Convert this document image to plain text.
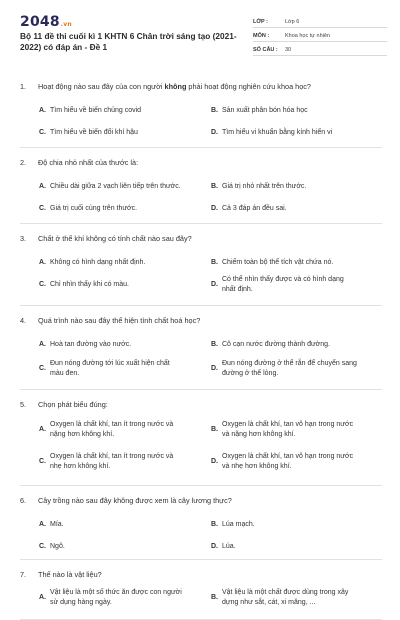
2048.vn
Bộ 11 đề thi cuối kì 1 KHTN 6 Chân trời sáng tạo (2021-2022) có đáp án - Đề 1
LỚP :	Lớp 6
MÔN :	Khoa học tự nhiên
SỐ CÂU :	30
1. Hoạt động nào sau đây của con người không phải hoạt động nghiên cứu khoa học?
A. Tìm hiểu về biến chủng covid	B. Sản xuất phân bón hóa học
C. Tìm hiểu về biến đổi khí hậu	D. Tìm hiểu vi khuẩn bằng kính hiển vi
2. Độ chia nhỏ nhất của thước là:
A. Chiều dài giữa 2 vạch liên tiếp trên thước.	B. Giá trị nhỏ nhất trên thước.
C. Giá trị cuối cùng trên thước.	D. Cả 3 đáp án đều sai.
3. Chất ở thể khí không có tính chất nào sau đây?
A. Không có hình dạng nhất định.	B. Chiếm toàn bộ thể tích vật chứa nó.
C. Chỉ nhìn thấy khi có màu.	D.
Có thể nhìn thấy được và có hình dạng
nhất định.
4. Quá trình nào sau đây thể hiện tính chất hoá học?
A. Hoà tan đường vào nước.	B. Cô cạn nước đường thành đường.
C.
Đun nóng đường tới lúc xuất hiện chất
màu đen.
D.
Đun nóng đường ở thể rắn để chuyển sang
đường ở thể lỏng.
5. Chọn phát biểu đúng:
A.
Oxygen là chất khí, tan ít trong nước và
nặng hơn không khí.
B.
Oxygen là chất khí, tan vô hạn trong nước
và nặng hơn không khí.
C.
Oxygen là chất khí, tan ít trong nước và
nhẹ hơn không khí.
D.
Oxygen là chất khí, tan vô hạn trong nước
và nhẹ hơn không khí.
6. Cây trồng nào sau đây không được xem là cây lương thực?
A. Mía.	B. Lúa mạch.
C. Ngô.	D. Lúa.
7. Thế nào là vật liệu?
A.
Vật liệu là một số thức ăn được con người
sử dụng hàng ngày.
B.
Vật liệu là một chất được dùng trong xây
dựng như sắt, cát, xi măng, ...
